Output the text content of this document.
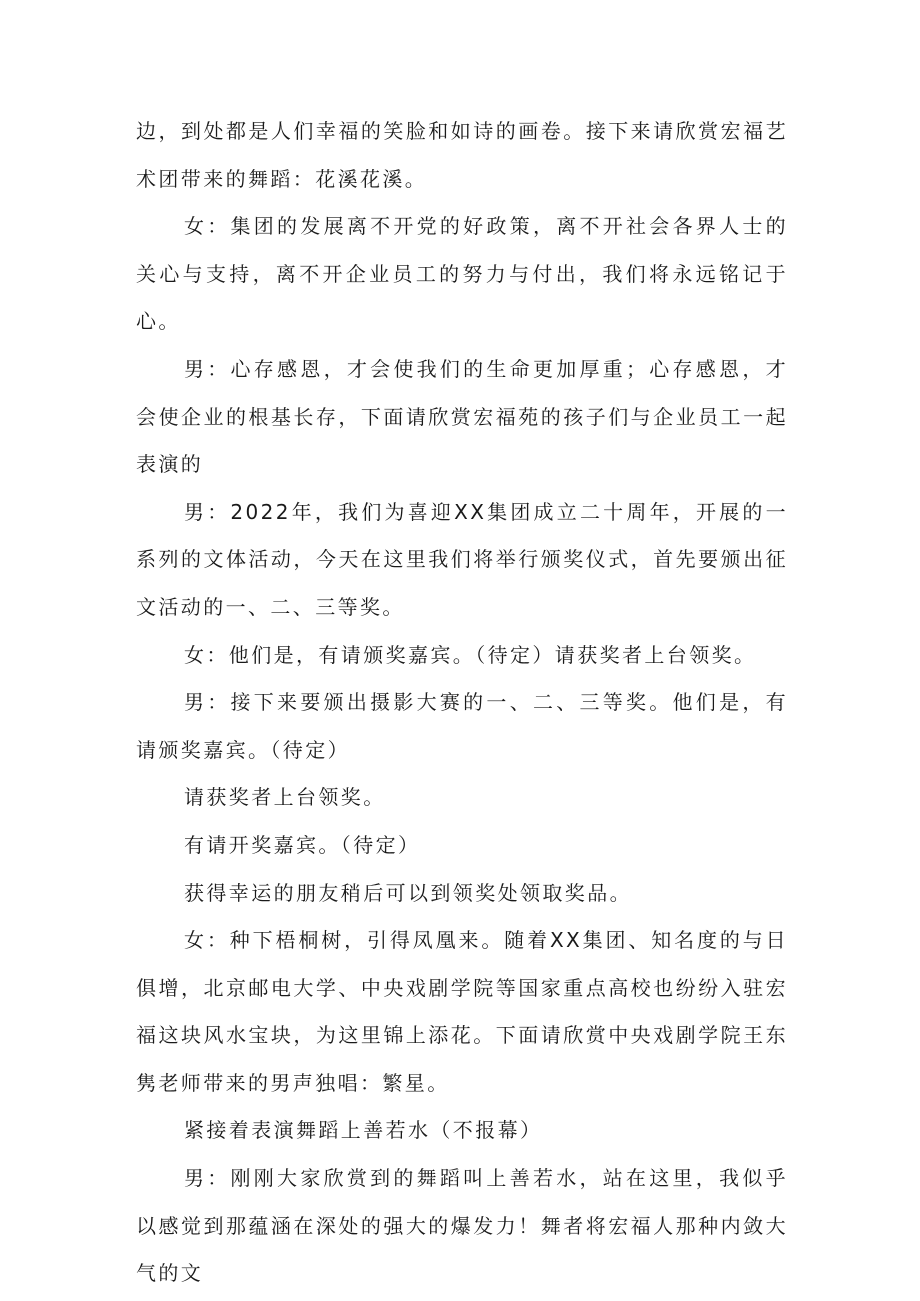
边，到处都是人们幸福的笑脸和如诗的画卷。接下来请欣赏宏福艺术团带来的舞蹈：花溪花溪。

女：集团的发展离不开党的好政策，离不开社会各界人士的关心与支持，离不开企业员工的努力与付出，我们将永远铭记于心。

男：心存感恩，才会使我们的生命更加厚重；心存感恩，才会使企业的根基长存，下面请欣赏宏福苑的孩子们与企业员工一起表演的

男：2022年，我们为喜迎XX集团成立二十周年，开展的一系列的文体活动，今天在这里我们将举行颁奖仪式，首先要颁出征文活动的一、二、三等奖。

女：他们是，有请颁奖嘉宾。（待定）请获奖者上台领奖。

男：接下来要颁出摄影大赛的一、二、三等奖。他们是，有请颁奖嘉宾。（待定）

请获奖者上台领奖。

有请开奖嘉宾。（待定）

获得幸运的朋友稍后可以到领奖处领取奖品。

女：种下梧桐树，引得凤凰来。随着XX集团、知名度的与日俱增，北京邮电大学、中央戏剧学院等国家重点高校也纷纷入驻宏福这块风水宝块，为这里锦上添花。下面请欣赏中央戏剧学院王东隽老师带来的男声独唱：繁星。

紧接着表演舞蹈上善若水（不报幕）

男：刚刚大家欣赏到的舞蹈叫上善若水，站在这里，我似乎以感觉到那蕴涵在深处的强大的爆发力！舞者将宏福人那种内敛大气的文
